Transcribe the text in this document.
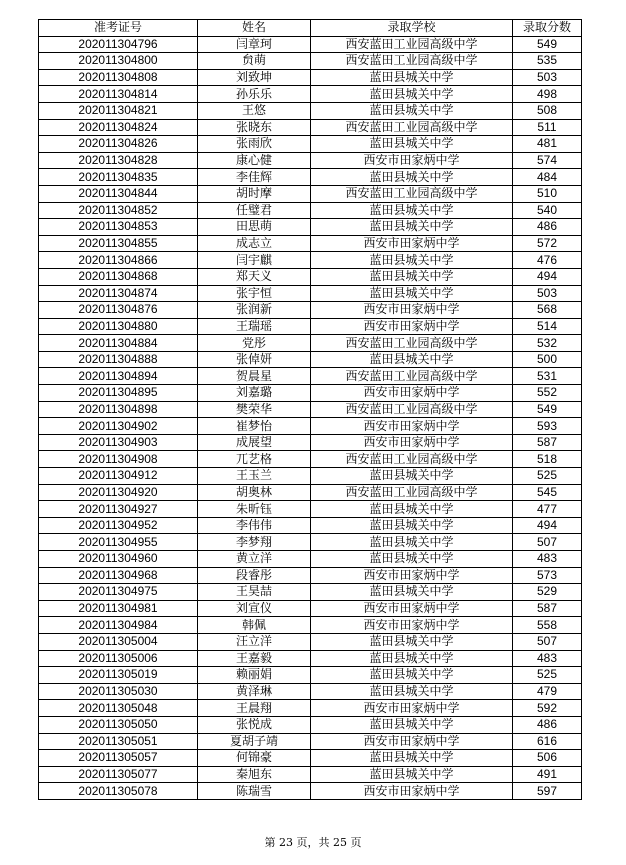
准考证号	姓名	录取学校	录取分数
202011304796	闫章珂	西安蓝田工业园高级中学	549
202011304800	贠萌	西安蓝田工业园高级中学	535
202011304808	刘致坤	蓝田县城关中学	503
202011304814	孙乐乐	蓝田县城关中学	498
202011304821	王悠	蓝田县城关中学	508
202011304824	张晓东	西安蓝田工业园高级中学	511
202011304826	张雨欣	蓝田县城关中学	481
202011304828	康心健	西安市田家炳中学	574
202011304835	李佳辉	蓝田县城关中学	484
202011304844	胡时摩	西安蓝田工业园高级中学	510
202011304852	任璧君	蓝田县城关中学	540
202011304853	田思萌	蓝田县城关中学	486
202011304855	成志立	西安市田家炳中学	572
202011304866	闫宇麒	蓝田县城关中学	476
202011304868	郑天义	蓝田县城关中学	494
202011304874	张宇恒	蓝田县城关中学	503
202011304876	张润新	西安市田家炳中学	568
202011304880	王瑞瑶	西安市田家炳中学	514
202011304884	党彤	西安蓝田工业园高级中学	532
202011304888	张倬妍	蓝田县城关中学	500
202011304894	贺晨星	西安蓝田工业园高级中学	531
202011304895	刘嘉璐	西安市田家炳中学	552
202011304898	樊荣华	西安蓝田工业园高级中学	549
202011304902	崔梦怡	西安市田家炳中学	593
202011304903	成展望	西安市田家炳中学	587
202011304908	兀艺格	西安蓝田工业园高级中学	518
202011304912	王玉兰	蓝田县城关中学	525
202011304920	胡奥林	西安蓝田工业园高级中学	545
202011304927	朱昕钰	蓝田县城关中学	477
202011304952	李伟伟	蓝田县城关中学	494
202011304955	李梦翔	蓝田县城关中学	507
202011304960	黄立洋	蓝田县城关中学	483
202011304968	段睿彤	西安市田家炳中学	573
202011304975	王昊喆	蓝田县城关中学	529
202011304981	刘宣仪	西安市田家炳中学	587
202011304984	韩佩	西安市田家炳中学	558
202011305004	汪立洋	蓝田县城关中学	507
202011305006	王嘉毅	蓝田县城关中学	483
202011305019	赖丽娟	蓝田县城关中学	525
202011305030	黄泽琳	蓝田县城关中学	479
202011305048	王晨翔	西安市田家炳中学	592
202011305050	张悦成	蓝田县城关中学	486
202011305051	夏胡子靖	西安市田家炳中学	616
202011305057	何锦豪	蓝田县城关中学	506
202011305077	秦旭东	蓝田县城关中学	491
202011305078	陈瑞雪	西安市田家炳中学	597
第 23 页，共 25 页
